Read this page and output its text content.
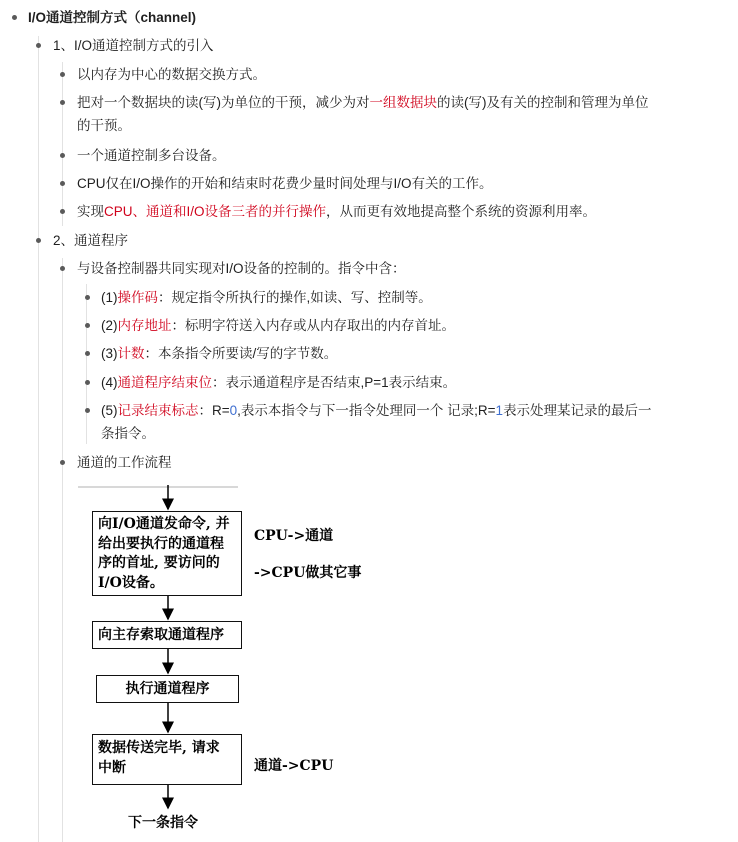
I/O通道控制方式（channel)
1、I/O通道控制方式的引入
以内存为中心的数据交换方式。
把对一个数据块的读(写)为单位的干预，减少为对一组数据块的读(写)及有关的控制和管理为单位
的干预。
一个通道控制多台设备。
CPU仅在I/O操作的开始和结束时花费少量时间处理与I/O有关的工作。
实现CPU、通道和I/O设备三者的并行操作，从而更有效地提高整个系统的资源利用率。
2、通道程序
与设备控制器共同实现对I/O设备的控制的。指令中含：
(1)操作码：规定指令所执行的操作,如读、写、控制等。
(2)内存地址：标明字符送入内存或从内存取出的内存首址。
(3)计数：本条指令所要读/写的字节数。
(4)通道程序结束位：表示通道程序是否结束,P=1表示结束。
(5)记录结束标志：R=0,表示本指令与下一指令处理同一个 记录;R=1表示处理某记录的最后一
条指令。
通道的工作流程
向I/O通道发命令, 并
给出要执行的通道程
序的首址, 要访问的
I/O设备。
CPU->通道
->CPU做其它事
向主存索取通道程序
执行通道程序
数据传送完毕, 请求
中断	通道->CPU
下一条指令
